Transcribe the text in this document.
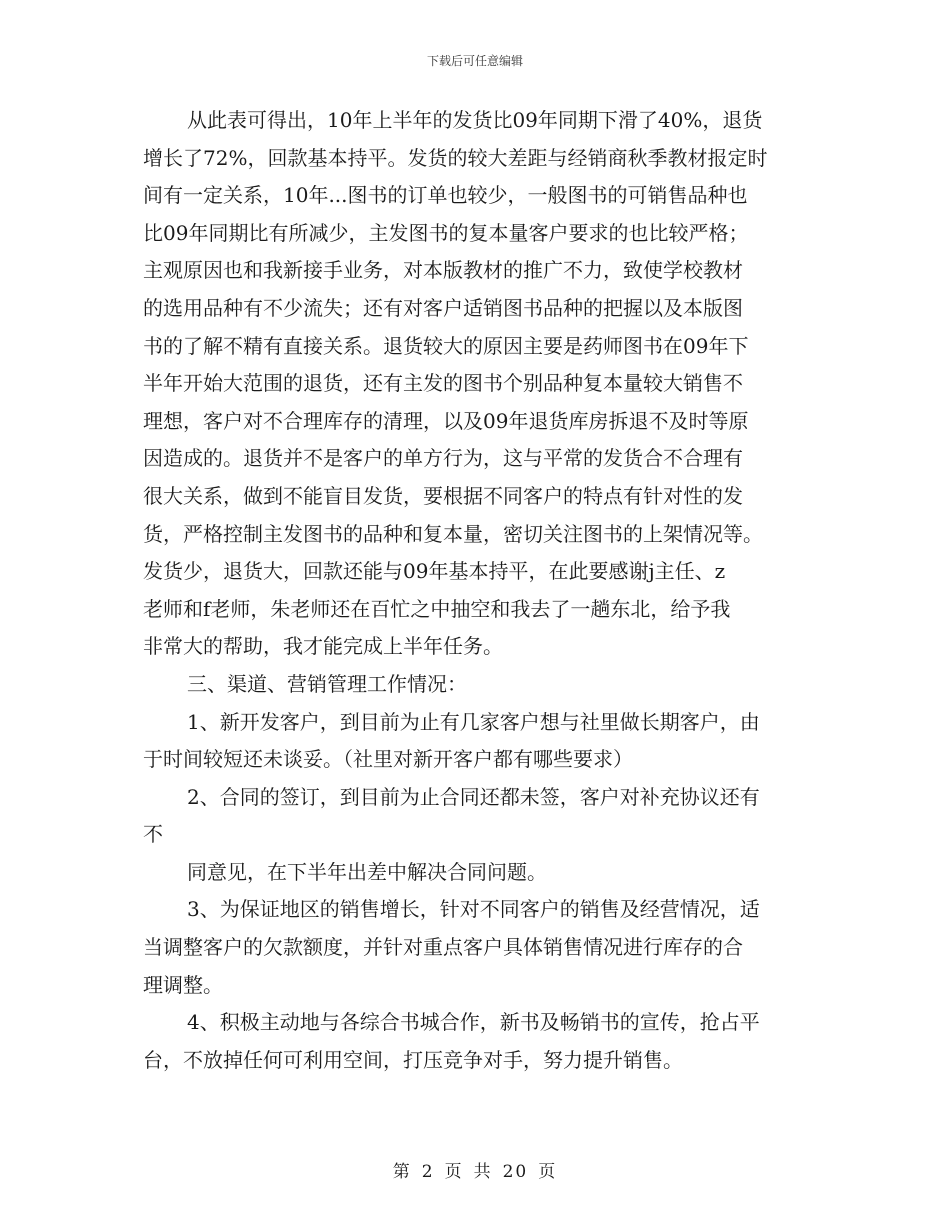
下载后可任意编辑
从此表可得出，10年上半年的发货比09年同期下滑了40%，退货
增长了72%，回款基本持平。发货的较大差距与经销商秋季教材报定时
间有一定关系，10年...图书的订单也较少，一般图书的可销售品种也
比09年同期比有所减少，主发图书的复本量客户要求的也比较严格；
主观原因也和我新接手业务，对本版教材的推广不力，致使学校教材
的选用品种有不少流失；还有对客户适销图书品种的把握以及本版图
书的了解不精有直接关系。退货较大的原因主要是药师图书在09年下
半年开始大范围的退货，还有主发的图书个别品种复本量较大销售不
理想，客户对不合理库存的清理，以及09年退货库房拆退不及时等原
因造成的。退货并不是客户的单方行为，这与平常的发货合不合理有
很大关系，做到不能盲目发货，要根据不同客户的特点有针对性的发
货，严格控制主发图书的品种和复本量，密切关注图书的上架情况等。
发货少，退货大，回款还能与09年基本持平，在此要感谢j主任、z
老师和f老师，朱老师还在百忙之中抽空和我去了一趟东北，给予我
非常大的帮助，我才能完成上半年任务。
三、渠道、营销管理工作情况：
1、新开发客户，到目前为止有几家客户想与社里做长期客户，由
于时间较短还未谈妥。（社里对新开客户都有哪些要求）
2、合同的签订，到目前为止合同还都未签，客户对补充协议还有
不
同意见，在下半年出差中解决合同问题。
3、为保证地区的销售增长，针对不同客户的销售及经营情况，适
当调整客户的欠款额度，并针对重点客户具体销售情况进行库存的合
理调整。
4、积极主动地与各综合书城合作，新书及畅销书的宣传，抢占平
台，不放掉任何可利用空间，打压竞争对手，努力提升销售。
第 2 页 共 20 页
